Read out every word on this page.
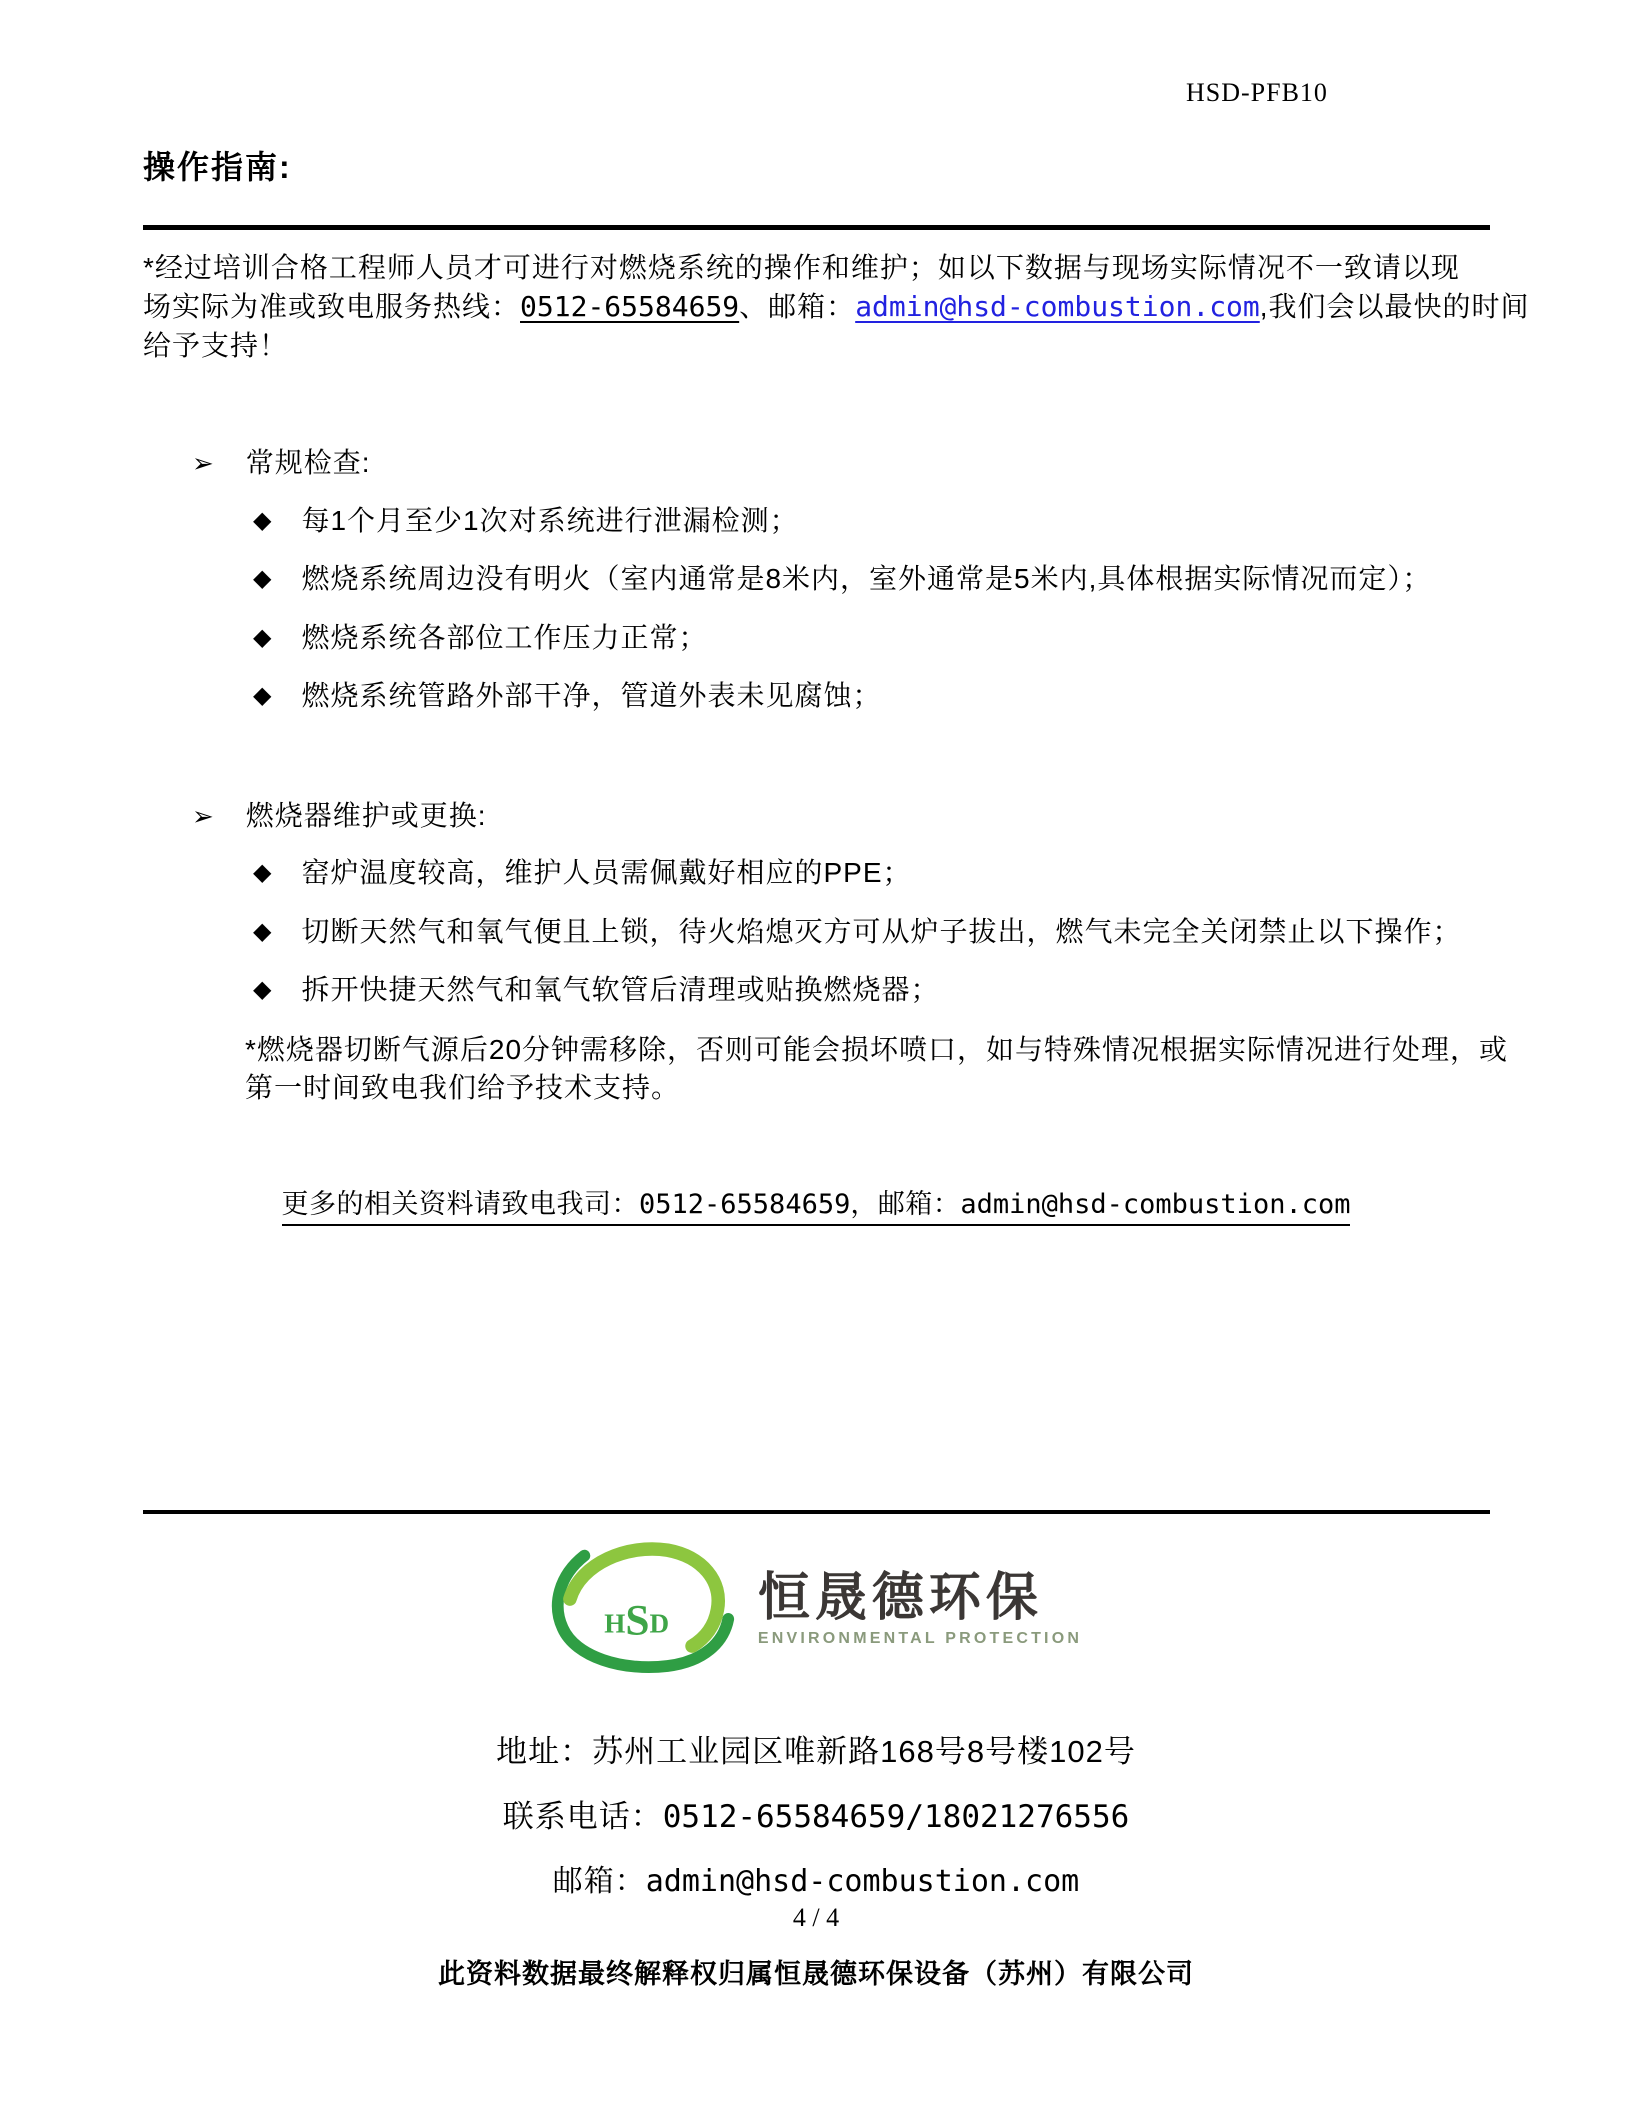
HSD-PFB10
操作指南:
*经过培训合格工程师人员才可进行对燃烧系统的操作和维护；如以下数据与现场实际情况不一致请以现
场实际为准或致电服务热线：0512-65584659、邮箱：admin@hsd-combustion.com,我们会以最快的时间
给予支持！
➢ 常规检查:
◆ 每1个月至少1次对系统进行泄漏检测；
◆ 燃烧系统周边没有明火（室内通常是8米内，室外通常是5米内,具体根据实际情况而定）；
◆ 燃烧系统各部位工作压力正常；
◆ 燃烧系统管路外部干净，管道外表未见腐蚀；
➢ 燃烧器维护或更换:
◆ 窑炉温度较高，维护人员需佩戴好相应的PPE；
◆ 切断天然气和氧气便且上锁，待火焰熄灭方可从炉子拔出，燃气未完全关闭禁止以下操作；
◆ 拆开快捷天然气和氧气软管后清理或贴换燃烧器；
*燃烧器切断气源后20分钟需移除，否则可能会损坏喷口，如与特殊情况根据实际情况进行处理，或
第一时间致电我们给予技术支持。
更多的相关资料请致电我司：0512-65584659，邮箱：admin@hsd-combustion.com
HSD 恒晟德环保
ENVIRONMENTAL PROTECTION
地址：苏州工业园区唯新路168号8号楼102号
联系电话：0512-65584659/18021276556
邮箱：admin@hsd-combustion.com
4 / 4
此资料数据最终解释权归属恒晟德环保设备（苏州）有限公司
